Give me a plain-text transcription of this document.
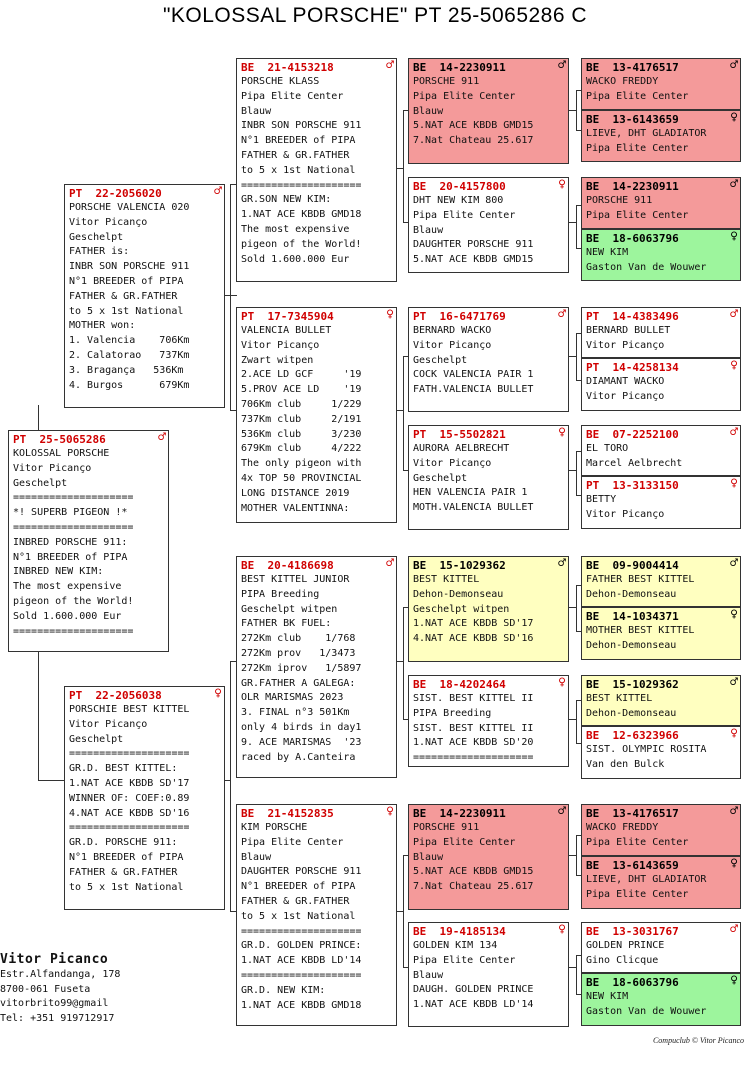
"KOLOSSAL PORSCHE" PT 25-5065286 C
PT  25-5065286	♂
KOLOSSAL PORSCHE
Vitor Picanço
Geschelpt
====================
*! SUPERB PIGEON !*
====================
INBRED PORSCHE 911:
N°1 BREEDER of PIPA
INBRED NEW KIM:
The most expensive
pigeon of the World!
Sold 1.600.000 Eur
====================
PT  22-2056020	♂
PORSCHE VALENCIA 020
Vitor Picanço
Geschelpt
FATHER is:
INBR SON PORSCHE 911
N°1 BREEDER of PIPA
FATHER & GR.FATHER
to 5 x 1st National
MOTHER won:
1. Valencia    706Km
2. Calatorao   737Km
3. Bragança   536Km
4. Burgos      679Km
PT  22-2056038	♀
PORSCHIE BEST KITTEL
Vitor Picanço
Geschelpt
====================
GR.D. BEST KITTEL:
1.NAT ACE KBDB SD'17
WINNER OF: COEF:0.89
4.NAT ACE KBDB SD'16
====================
GR.D. PORSCHE 911:
N°1 BREEDER of PIPA
FATHER & GR.FATHER
to 5 x 1st National
BE  21-4153218	♂
PORSCHE KLASS
Pipa Elite Center
Blauw
INBR SON PORSCHE 911
N°1 BREEDER of PIPA
FATHER & GR.FATHER
to 5 x 1st National
====================
GR.SON NEW KIM:
1.NAT ACE KBDB GMD18
The most expensive
pigeon of the World!
Sold 1.600.000 Eur
PT  17-7345904	♀
VALENCIA BULLET
Vitor Picanço
Zwart witpen
2.ACE LD GCF     '19
5.PROV ACE LD    '19
706Km club     1/229
737Km club     2/191
536Km club     3/230
679Km club     4/222
The only pigeon with
4x TOP 50 PROVINCIAL
LONG DISTANCE 2019
MOTHER VALENTINNA:
BE  20-4186698	♂
BEST KITTEL JUNIOR
PIPA Breeding
Geschelpt witpen
FATHER BK FUEL:
272Km club    1/768
272Km prov   1/3473
272Km iprov   1/5897
GR.FATHER A GALEGA:
OLR MARISMAS 2023
3. FINAL n°3 501Km
only 4 birds in day1
9. ACE MARISMAS  '23
raced by A.Canteira
BE  21-4152835	♀
KIM PORSCHE
Pipa Elite Center
Blauw
DAUGHTER PORSCHE 911
N°1 BREEDER of PIPA
FATHER & GR.FATHER
to 5 x 1st National
====================
GR.D. GOLDEN PRINCE:
1.NAT ACE KBDB LD'14
====================
GR.D. NEW KIM:
1.NAT ACE KBDB GMD18
BE  14-2230911	♂
PORSCHE 911
Pipa Elite Center
Blauw
5.NAT ACE KBDB GMD15
7.Nat Chateau 25.617
BE  20-4157800	♀
DHT NEW KIM 800
Pipa Elite Center
Blauw
DAUGHTER PORSCHE 911
5.NAT ACE KBDB GMD15
PT  16-6471769	♂
BERNARD WACKO
Vitor Picanço
Geschelpt
COCK VALENCIA PAIR 1
FATH.VALENCIA BULLET
PT  15-5502821	♀
AURORA AELBRECHT
Vitor Picanço
Geschelpt
HEN VALENCIA PAIR 1
MOTH.VALENCIA BULLET
BE  15-1029362	♂
BEST KITTEL
Dehon-Demonseau
Geschelpt witpen
1.NAT ACE KBDB SD'17
4.NAT ACE KBDB SD'16
BE  18-4202464	♀
SIST. BEST KITTEL II
PIPA Breeding
SIST. BEST KITTEL II
1.NAT ACE KBDB SD'20
====================
BE  14-2230911	♂
PORSCHE 911
Pipa Elite Center
Blauw
5.NAT ACE KBDB GMD15
7.Nat Chateau 25.617
BE  19-4185134	♀
GOLDEN KIM 134
Pipa Elite Center
Blauw
DAUGH. GOLDEN PRINCE
1.NAT ACE KBDB LD'14
BE  13-4176517	♂
WACKO FREDDY
Pipa Elite Center
BE  13-6143659	♀
LIEVE, DHT GLADIATOR
Pipa Elite Center
BE  14-2230911	♂
PORSCHE 911
Pipa Elite Center
BE  18-6063796	♀
NEW KIM
Gaston Van de Wouwer
PT  14-4383496	♂
BERNARD BULLET
Vitor Picanço
PT  14-4258134	♀
DIAMANT WACKO
Vitor Picanço
BE  07-2252100	♂
EL TORO
Marcel Aelbrecht
PT  13-3133150	♀
BETTY
Vitor Picanço
BE  09-9004414	♂
FATHER BEST KITTEL
Dehon-Demonseau
BE  14-1034371	♀
MOTHER BEST KITTEL
Dehon-Demonseau
BE  15-1029362	♂
BEST KITTEL
Dehon-Demonseau
BE  12-6323966	♀
SIST. OLYMPIC ROSITA
Van den Bulck
BE  13-4176517	♂
WACKO FREDDY
Pipa Elite Center
BE  13-6143659	♀
LIEVE, DHT GLADIATOR
Pipa Elite Center
BE  13-3031767	♂
GOLDEN PRINCE
Gino Clicque
BE  18-6063796	♀
NEW KIM
Gaston Van de Wouwer
Vitor Picanco
Estr.Alfandanga, 178
8700-061 Fuseta
vitorbrito99@gmail
Tel: +351 919712917
Compuclub © Vitor Picanco
